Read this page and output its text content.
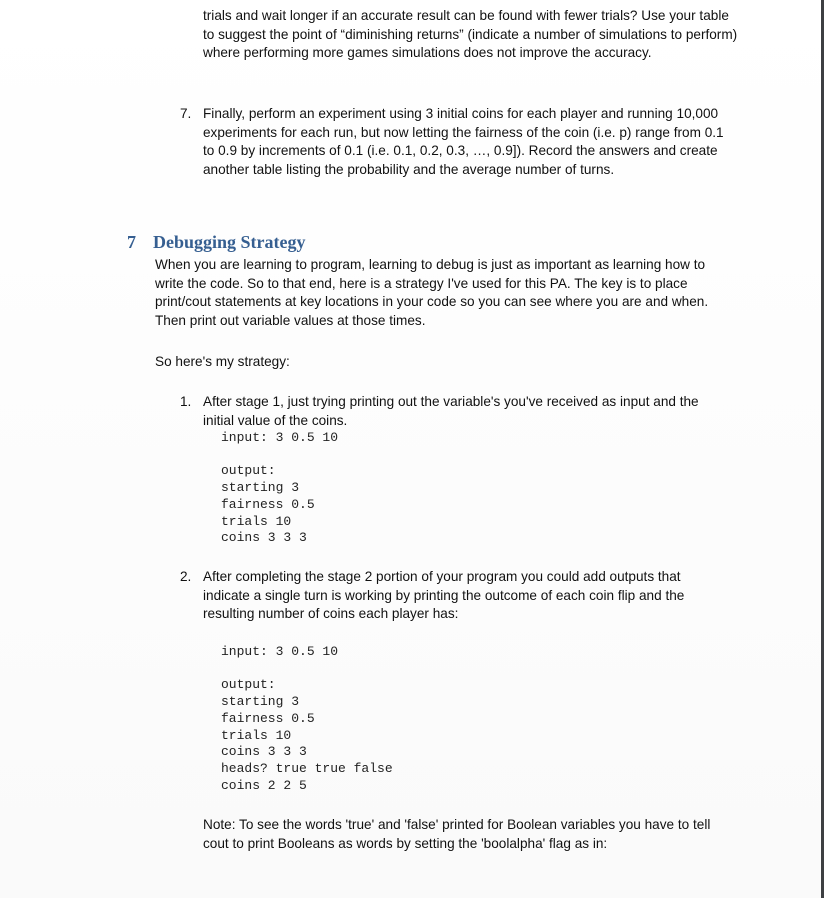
trials and wait longer if an accurate result can be found with fewer trials? Use your table to suggest the point of “diminishing returns” (indicate a number of simulations to perform) where performing more games simulations does not improve the accuracy.
7. Finally, perform an experiment using 3 initial coins for each player and running 10,000 experiments for each run, but now letting the fairness of the coin (i.e. p) range from 0.1 to 0.9 by increments of 0.1 (i.e. 0.1, 0.2, 0.3, …, 0.9]). Record the answers and create another table listing the probability and the average number of turns.
7 Debugging Strategy
When you are learning to program, learning to debug is just as important as learning how to write the code. So to that end, here is a strategy I've used for this PA. The key is to place print/cout statements at key locations in your code so you can see where you are and when. Then print out variable values at those times.
So here's my strategy:
1. After stage 1, just trying printing out the variable's you've received as input and the initial value of the coins.
input: 3 0.5 10

output:
starting 3
fairness 0.5
trials 10
coins 3 3 3
2. After completing the stage 2 portion of your program you could add outputs that indicate a single turn is working by printing the outcome of each coin flip and the resulting number of coins each player has:
input: 3 0.5 10

output:
starting 3
fairness 0.5
trials 10
coins 3 3 3
heads? true true false
coins 2 2 5
Note: To see the words 'true' and 'false' printed for Boolean variables you have to tell cout to print Booleans as words by setting the 'boolalpha' flag as in:
